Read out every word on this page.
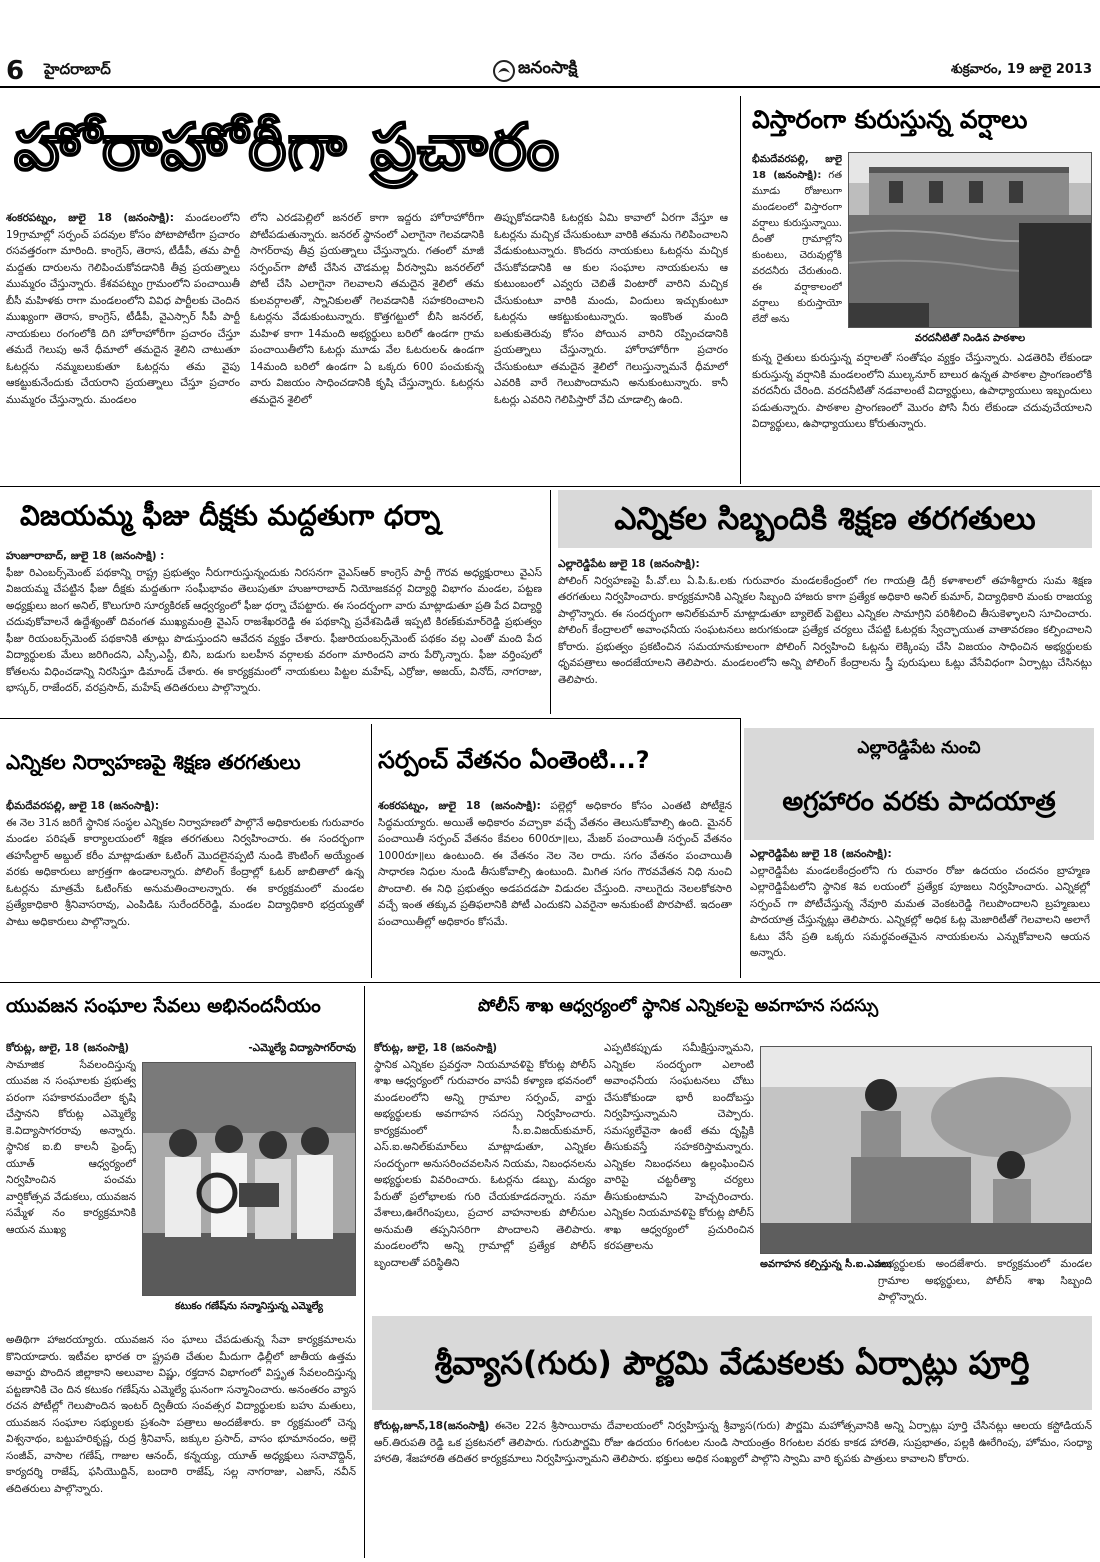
6 హైదరాబాద్	జనంసాక్షి	శుక్రవారం, 19 జులై 2013
హోరాహోరీగా ప్రచారం
శంకరపట్నం, జులై 18 (జనంసాక్షి): మండలంలోని 19గ్రామాల్లో సర్పంచ్ పదవుల కోసం పోటాపోటీగా ప్రచారం రసవత్తరంగా మారింది. కాంగ్రెస్, తెరాస, టీడీపీ, తమ పార్టీ మద్దతు దారులను గెలిపించుకోవడానికి తీవ్ర ప్రయత్నాలు ముమ్మరం చేస్తున్నారు. కేశవపట్నం గ్రామంలోని పంచాయితీ బీసీ మహిళకు రాగా మండలంలోని వివిధ పార్టీలకు చెందిన ముఖ్యంగా తెరాస, కాంగ్రెస్, టీడీపీ, వైఎస్సార్ సీపీ పార్టీ నాయకులు రంగంలోకి దిగి హోరాహోరీగా ప్రచారం చేస్తూ తమదే గెలుపు అనే ధీమాలో తమదైన శైలిని చాటుతూ ఓటర్లను నమ్మబలుకుతూ ఓటర్లను తమ వైపు ఆకట్టుకునేందుకు చేయరాని ప్రయత్నాలు చేస్తూ ప్రచారం ముమ్మరం చేస్తున్నారు. మండలం
లోని ఎరడపెల్లిలో జనరల్ కాగా ఇద్దరు హోరాహోరీగా పోటీపడుతున్నారు. జనరల్ స్థానంలో ఎలాగైనా గెలవడానికి సాగర్‌రావు తీవ్ర ప్రయత్నాలు చేస్తున్నారు. గతంలో మాజీ సర్పంచ్‌గా పోటీ చేసిన చౌడమల్ల వీరస్వామి జనరల్‌లో పోటీ చేసి ఎలాగైనా గెలవాలని తమదైన శైలిలో తమ కులవర్గాలతో, స్నానికులతో గెలవడానికి సహకరించాలని ఓటర్లను వేడుకుంటున్నారు. కొత్తగట్టులో బీసి జనరల్, మహిళ కాగా 14మంది అభ్యర్థులు బరిలో ఉండగా గ్రామ పంచాయితీలోని ఓటర్లు మూడు వేల ఓటరుల& ఉండగా 14మంది బరిలో ఉండగా ఏ ఒక్కరు 600 పంచుకున్న వారు విజయం సాధించడానికి కృషి చేస్తున్నారు. ఓటర్లను తమదైన శైలిలో
తిప్పుకోవడానికి ఓటర్లకు ఏమి కావాలో ఏరగా వేస్తూ ఆ ఓటర్లను మచ్చిక చేసుకుంటూ వారికి తమను గెలిపించాలని వేడుకుంటున్నారు. కొందరు నాయకులు ఓటర్లను మచ్చిక చేసుకోవడానికి ఆ కుల సంఘాల నాయకులను ఆ కుటుంబంలో ఎవ్వరు చెబితే వింటారో వారిని మచ్చిక చేసుకుంటూ వారికి మందు, విందులు ఇచ్చుకుంటూ ఓటర్లను ఆకట్టుకుంటున్నారు. ఇంకొంత మంది బతుకుతెరువు కోసం పోయిన వారిని రప్పించడానికి ప్రయత్నాలు చేస్తున్నారు. హోరాహోరీగా ప్రచారం చేసుకుంటూ తమదైన శైలిలో గెలుస్తున్నామనే ధీమాలో ఎవరికి వారే గెలుపొందామని అనుకుంటున్నారు. కానీ ఓటర్లు ఎవరిని గెలిపిస్తారో వేచి చూడాల్సి ఉంది.
విస్తారంగా కురుస్తున్న వర్షాలు
భీమదేవరపల్లి, జులై 18 (జనంసాక్షి): గత మూడు రోజులుగా మండలంలో విస్తారంగా వర్షాలు కురుస్తున్నాయి. దీంతో గ్రామాల్లోని కుంటలు, చెరువుల్లోకి వరదనీరు చేరుతుంది. ఈ వర్షాకాలంలో వర్షాలు కురుస్తాయో లేదో అను
వరదనీటితో నిండిన పాఠశాల
కున్న రైతులు కురుస్తున్న వర్షాలతో సంతోషం వ్యక్తం చేస్తున్నారు. ఎడతెరిపి లేకుండా కురుస్తున్న వర్షానికి మండలంలోని ముల్కనూర్ బాలుర ఉన్నత పాఠశాల ప్రాంగణంలోకి వరదనీరు చేరింది. వరదనీటితో నడవాలంటే విద్యార్థులు, ఉపాధ్యాయులు ఇబ్బందులు పడుతున్నారు. పాఠశాల ప్రాంగణంలో మొరం పోసి నీరు లేకుండా చదువుచేయాలని విద్యార్థులు, ఉపాధ్యాయులు కోరుతున్నారు.
విజయమ్మ ఫీజు దీక్షకు మద్దతుగా ధర్నా
హుజూరాబాద్, జులై 18 (జనంసాక్షి) :
ఫీజు రిఎంబర్స్‌మెంట్ పథకాన్ని రాష్ట్ర ప్రభుత్వం నీరుగారుస్తున్నందుకు నిరసనగా వైఎస్ఆర్ కాంగ్రెస్ పార్టీ గౌరవ అధ్యక్షురాలు వైఎస్ విజయమ్మ చేపట్టిన ఫీజు దీక్షకు మద్దతుగా సంఘీభావం తెలుపుతూ హుజూరాబాద్ నియోజకవర్గ విద్యార్థి విభాగం మండల, పట్టణ అధ్యక్షులు జంగ అనిల్, కొలుగూరి సూర్యకిరణ్ ఆధ్వర్యంలో ఫీజు ధర్నా చేపట్టారు. ఈ సందర్భంగా వారు మాట్లాడుతూ ప్రతి పేద విద్యార్థి చదువుకోవాలనే ఉద్దేశ్యంతో దివంగత ముఖ్యమంత్రి వైఎస్ రాజశేఖరరెడ్డి ఈ పథకాన్ని ప్రవేశపెడితే ఇప్పటి కిరణ్‌కుమార్‌రెడ్డి ప్రభుత్వం ఫీజు రియంబర్స్‌మెంట్ పథకానికి తూట్లు పొడుస్తుందని ఆవేదన వ్యక్తం చేశారు. ఫీజురియంబర్స్‌మెంట్ పథకం వల్ల ఎంతో మంది పేద విద్యార్థులకు మేలు జరిగిందని, ఎస్సీ,ఎస్టీ, బిసి, బడుగు బలహీన వర్గాలకు వరంగా మారిందని వారు పేర్కొన్నారు. ఫీజు వర్తింపులో కోతలను విధించడాన్ని నిరసిస్తూ డిమాండ్ చేశారు. ఈ కార్యక్రమంలో నాయకులు పిట్టల మహేష్, ఎర్రోజు, అజయ్, వినోద్, నాగరాజు, భాస్కర్, రాజేందర్, వరప్రసాద్, మహేష్ తదితరులు పాల్గొన్నారు.
ఎన్నికల సిబ్బందికి శిక్షణ తరగతులు
ఎల్లారెడ్డిపేట జులై 18 (జనంసాక్షి):
పోలింగ్ నిర్వహణపై పీ.వో.లు ఏ.పి.ఓ.లకు గురువారం మండలకేంద్రంలో గల గాయత్రి డిగ్రీ కళాశాలలో తహశీల్దారు సుమ శిక్షణ తరగతులు నిర్వహించారు. కార్యక్రమానికి ఎన్నికల సిబ్బంది హాజరు కాగా ప్రత్యేక అధికారి అనిల్ కుమార్, విద్యాధికారి మంకు రాజయ్య పాల్గొన్నారు. ఈ సందర్భంగా అనిల్‌కుమార్ మాట్లాడుతూ బ్యాలెట్ పెట్టెలు ఎన్నికల సామాగ్రిని పరిశీలించి తీసుకెళ్ళాలని సూచించారు. పోలింగ్ కేంద్రాలలో అవాంఛనీయ సంఘటనలు జరుగకుండా ప్రత్యేక చర్యలు చేపట్టి ఓటర్లకు స్వేచ్ఛాయుత వాతావరణం కల్పించాలని కోరారు. ప్రభుత్వం ప్రకటించిన సమయానుకూలంగా పోలింగ్ నిర్వహించి ఓట్లను లెక్కింపు చేసి విజయం సాధించిన అభ్యర్థులకు ధృవపత్రాలు అందజేయాలని తెలిపారు. మండలంలోని అన్ని పోలింగ్ కేంద్రాలను స్త్రీ పురుషులు ఓట్లు వేసేవిధంగా ఏర్పాట్లు చేసినట్లు తెలిపారు.
ఎన్నికల నిర్వాహణపై శిక్షణ తరగతులు
భీమదేవరపల్లి, జులై 18 (జనంసాక్షి):
ఈ నెల 31న జరిగే స్థానిక సంస్థల ఎన్నికల నిర్వాహణలో పాల్గొనే అధికారులకు గురువారం మండల పరిషత్ కార్యాలయంలో శిక్షణ తరగతులు నిర్వహించారు. ఈ సందర్భంగా తహసీల్దార్ అబ్దుల్ కరీం మాట్లాడుతూ ఓటింగ్ మొదలైనప్పటి నుండి కౌంటింగ్ అయ్యేంత వరకు అధికారులు జాగ్రత్తగా ఉండాలన్నారు. పోలింగ్ కేంద్రాల్లో ఓటర్ జాబితాలో ఉన్న ఓటర్లను మాత్రమే ఓటింగ్‌కు అనుమతించాలన్నారు. ఈ కార్యక్రమంలో మండల ప్రత్యేకాధికారి శ్రీనివాసరావు, ఎంపిడిఓ సురేందర్‌రెడ్డి, మండల విద్యాధికారి భద్రయ్యతో పాటు అధికారులు పాల్గొన్నారు.
సర్పంచ్ వేతనం ఏంతెంటి...?
శంకరపట్నం, జులై 18 (జనంసాక్షి): పల్లెల్లో అధికారం కోసం ఎంతటి పోటీకైన సిద్ధమయ్యారు. అయితే అధికారం వచ్చాకా వచ్చే వేతనం తెలుసుకోవాల్సి ఉంది. మైనర్ పంచాయితీ సర్పంచ్ వేతనం కేవలం 600రూ॥లు, మేజర్ పంచాయితీ సర్పంచ్ వేతనం 1000రూ॥లు ఉంటుంది. ఈ వేతనం నెల నెల రాదు. సగం వేతనం పంచాయితీ సాధారణ నిధుల నుండి తీసుకోవాల్సి ఉంటుంది. మిగిత సగం గౌరవవేతన నిధి నుంచి పొందాలి. ఈ నిధి ప్రభుత్వం అడపదడపా విడుదల చేస్తుంది. నాలుగైదు నెలలకోకసారి వచ్చే ఇంత తక్కువ ప్రతిఫలానికి పోటీ ఎందుకని ఎవరైనా అనుకుంటే పొరపాటే. ఇదంతా పంచాయితీల్లో అధికారం కోసమే.
ఎల్లారెడ్డిపేట నుంచి
అగ్రహారం వరకు పాదయాత్ర
ఎల్లారెడ్డిపేట జులై 18 (జనంసాక్షి):
ఎల్లారెడ్డిపేట మండలకేంద్రంలోని గు రువారం రోజు ఉదయం చందనం బ్రాహ్మణ ఎల్లారెడ్డిపేటలోని స్థానిక శివ లయంలో ప్రత్యేక పూజలు నిర్వహించారు. ఎన్నికల్లో సర్పంచ్ గా పోటీచేస్తున్న నేవూరి మమత వెంకటరెడ్డి గెలుపొందాలని బ్రహ్మణులు పాదయాత్ర చేస్తున్నట్లు తెలిపారు. ఎన్నికల్లో అధిక ఓట్ల మెజారిటీతో గెలవాలని అలాగే ఓటు వేసే ప్రతి ఒక్కరు సమర్థవంతమైన నాయకులను ఎన్నుకోవాలని ఆయన అన్నారు.
యువజన సంఘాల సేవలు అభినందనీయం
-ఎమ్మెల్యే విద్యాసాగర్‌రావు
కోరుట్ల, జులై, 18 (జనంసాక్షి)
సామాజిక సేవలందిస్తున్న యువజ న సంఘాలకు ప్రభుత్వ పరంగా సహకారమందేలా కృషి చేస్తానని కోరుట్ల ఎమ్మెల్యే కె.విద్యాసాగరరావు అన్నారు. స్థానిక ఐ.బి కాలనీ ఫ్రెండ్స్ యూత్ ఆధ్వర్యంలో నిర్వహించిన పంచమ వార్షికోత్సవ వేడుకలు, యువజన సమ్మేళ నం కార్యక్రమానికి ఆయన ముఖ్య
కటుకం గణేష్‌ను సన్మానిస్తున్న ఎమ్మెల్యే
అతిథిగా హాజరయ్యారు. యువజన సం ఘాలు చేపడుతున్న సేవా కార్యక్రమాలను కొనియాడారు. ఇటీవల భారత రా ష్ట్రపతి చేతుల మీదుగా ఢిల్లీలో జాతీయ ఉత్తమ అవార్డు పొందిన జిల్లాకాని అలువాల విష్ణు, రక్తదాన విభాగంలో విస్తృత సేవలందిస్తున్న పట్టణానికి చెం దిన కటుకం గణేష్‌ను ఎమ్మెల్యే ఘనంగా సన్మానించారు. అనంతరం వ్యాస రచన పోటీల్లో గెలుపొందిన ఇంటర్ ద్వితీయ సంవత్సర విద్యార్థులకు బహు మతులు, యువజన సంఘాల సభ్యులకు ప్రశంసా పత్రాలు అందజేశారు. కా ర్యక్రమంలో చెన్న విశ్వనాథం, బట్టుహరికృష్ణ, రుద్ర శ్రీనివాస్, జక్కుల ప్రసాద్, వాసం భూమానందం, అల్లె సంజీవ్, వాసాల గణేష్, గాజుల ఆనంద్, కన్నయ్య, యూత్ అధ్యక్షులు సనావొద్దిన్, కార్యదర్శి రాజేష్, ఫసియొద్దిన్, బందారి రాజేష్, సల్ల నాగరాజు, ఎజాస్, నవీన్ తదితరులు పాల్గొన్నారు.
పోలీస్ శాఖ ఆధ్వర్యంలో స్థానిక ఎన్నికలపై అవగాహన సదస్సు
కోరుట్ల, జులై, 18 (జనంసాక్షి)
స్థానిక ఎన్నికల ప్రవర్తనా నియమావళిపై కోరుట్ల పోలీస్ శాఖ ఆధ్వర్యంలో గురువారం వాసవీ కళ్యాణ భవనంలో మండలంలోని అన్ని గ్రామాల సర్పంచ్, వార్డు అభ్యర్థులకు అవగాహన సదస్సు నిర్వహించారు. కార్యక్రమంలో సీ.ఐ.విజయ్‌కుమార్, ఎస్.ఐ.అనిల్‌కుమార్‌లు మాట్లాడుతూ, ఎన్నికల సందర్భంగా అనుసరించవలసిన నియమ, నిబంధనలను అభ్యర్థులకు వివరించారు. ఓటర్లను డబ్బు, మద్యం పేరుతో ప్రలోభాలకు గురి చేయకూడదన్నారు. సమా వేశాలు,ఊరేగింపులు, ప్రచార వాహనాలకు పోలీసుల అనుమతి తప్పనిసరిగా పొందాలని తెలిపారు. మండలంలోని అన్ని గ్రామాల్లో ప్రత్యేక పోలీస్ బృందాలతో పరిస్థితిని
ఎప్పటికప్పుడు సమీక్షిస్తున్నామని, ఎన్నికల సందర్భంగా ఎలాంటి అవాంఛనీయ సంఘటనలు చోటు చేసుకోకుండా భారీ బందోబస్తు నిర్వహిస్తున్నామని చెప్పారు. సమస్యలేవైనా ఉంటే తమ దృష్టికి తీసుకువస్తే సహకరిస్తామన్నారు. ఎన్నికల నిబంధనలు ఉల్లంఘించిన వారిపై చట్టరీత్యా చర్యలు తీసుకుంటామని హెచ్చరించారు. ఎన్నికల నియమావళిపై కోరుట్ల పోలీస్ శాఖ ఆధ్వర్యంలో ప్రచురించిన కరపత్రాలను
అవగాహన కల్పిస్తున్న సీ.ఐ.ఎవలు
అభ్యర్థులకు అందజేశారు. కార్యక్రమంలో మండల గ్రామాల అభ్యర్థులు, పోలీస్ శాఖ సిబ్బంది పాల్గొన్నారు.
శ్రీవ్యాస(గురు) పౌర్ణమి వేడుకలకు ఏర్పాట్లు పూర్తి
కోరుట్ల,జూన్,18(జనంసాక్షి) ఈనెల 22న శ్రీసాయిరామ దేవాలయంలో నిర్వహిస్తున్న శ్రీవ్యాస(గురు) పౌర్ణమి మహోత్సవానికి అన్ని ఏర్పాట్లు పూర్తి చేసినట్లు ఆలయ కస్టోడియన్ ఆర్.తిరుపతి రెడ్డి ఒక ప్రకటనలో తెలిపారు. గురుపౌర్ణమి రోజు ఉదయం 6గంటల నుండి సాయంత్రం 8గంటల వరకు కాకడ హారతి, సుప్రభాతం, పల్లకి ఊరేగింపు, హోమం, సంధ్యా హారతి, శేజహారతి తదితర కార్యక్రమాలు నిర్వహిస్తున్నామని తెలిపారు. భక్తులు అధిక సంఖ్యలో పాల్గొని స్వామి వారి కృపకు పాత్రులు కావాలని కోరారు.
